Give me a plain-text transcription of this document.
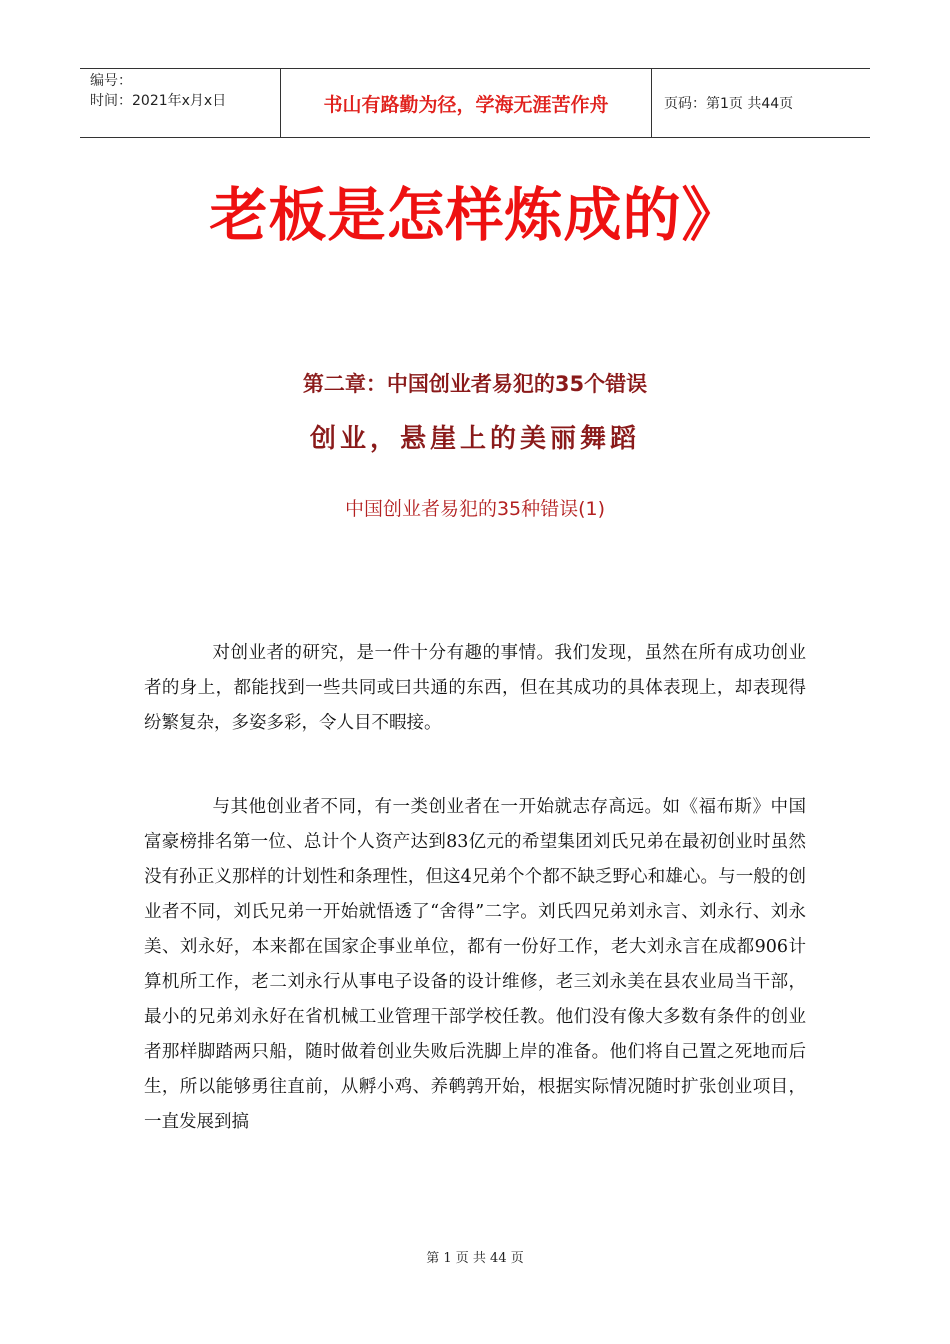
编号：
时间：2021年x月x日	书山有路勤为径，学海无涯苦作舟	页码：第1页 共44页
老板是怎样炼成的》
第二章：中国创业者易犯的35个错误
创业，悬崖上的美丽舞蹈
中国创业者易犯的35种错误(1)

对创业者的研究，是一件十分有趣的事情。我们发现，虽然在所有成功创业者的身上，都能找到一些共同或曰共通的东西，但在其成功的具体表现上，却表现得纷繁复杂，多姿多彩，令人目不暇接。

与其他创业者不同，有一类创业者在一开始就志存高远。如《福布斯》中国富豪榜排名第一位、总计个人资产达到83亿元的希望集团刘氏兄弟在最初创业时虽然没有孙正义那样的计划性和条理性，但这4兄弟个个都不缺乏野心和雄心。与一般的创业者不同，刘氏兄弟一开始就悟透了“舍得”二字。刘氏四兄弟刘永言、刘永行、刘永美、刘永好，本来都在国家企事业单位，都有一份好工作，老大刘永言在成都906计算机所工作，老二刘永行从事电子设备的设计维修，老三刘永美在县农业局当干部，最小的兄弟刘永好在省机械工业管理干部学校任教。他们没有像大多数有条件的创业者那样脚踏两只船，随时做着创业失败后洗脚上岸的准备。他们将自己置之死地而后生，所以能够勇往直前，从孵小鸡、养鹌鹑开始，根据实际情况随时扩张创业项目，一直发展到搞

第 1 页 共 44 页
